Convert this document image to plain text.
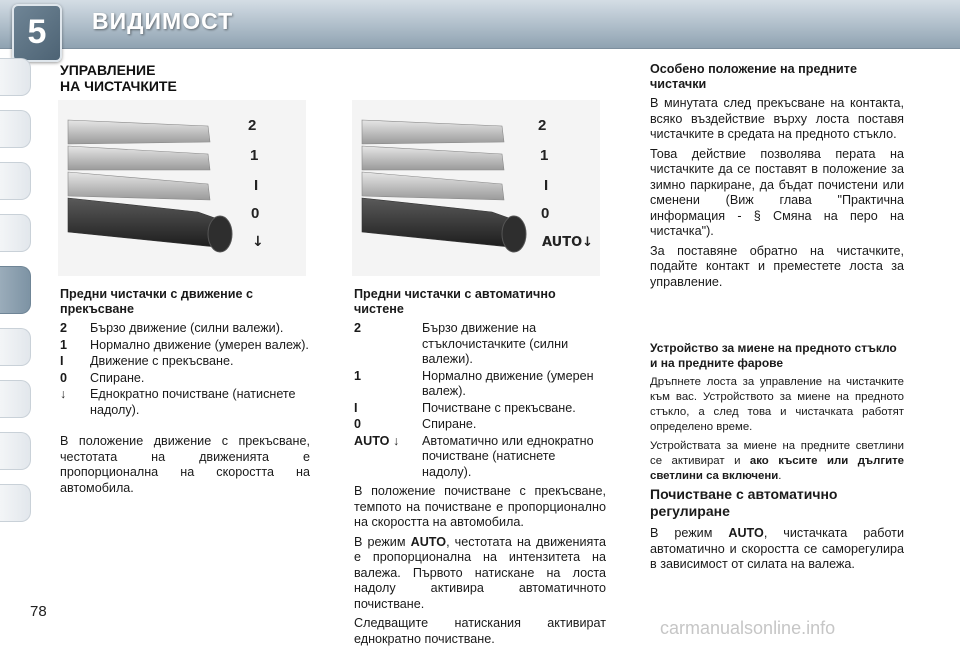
5	ВИДИМОСТ
УПРАВЛЕНИЕ
НА ЧИСТАЧКИТЕ
2
1
I
0
↓
2
1
I
0
AUTO↓
Предни чистачки с движение с прекъсване
2	Бързо движение (силни валежи).
1	Нормално движение (умерен валеж).
I	Движение с прекъсване.
0	Спиране.
↓	Еднократно почистване (натиснете надолу).
В положение движение с прекъсване, честотата на движенията е пропорционална на скоростта на автомобила.
Предни чистачки с автоматично чистене
2	Бързо движение на стъклочистачките (силни валежи).
1	Нормално движение (умерен валеж).
I	Почистване с прекъсване.
0	Спиране.
AUTO ↓	Автоматично или еднократно почистване (натиснете надолу).
В положение почистване с прекъсване, темпото на почистване е пропорционално на скоростта на автомобила.
В режим AUTO, честотата на движенията е пропорционална на интензитета на валежа. Първото натискане на лоста надолу активира автоматичното почистване.
Следващите натискания активират еднократно почистване.
Особено положение на предните чистачки
В минутата след прекъсване на контакта, всяко въздействие върху лоста поставя чистачките в средата на предното стъкло.
Това действие позволява перата на чистачките да се поставят в положение за зимно паркиране, да бъдат почистени или сменени (Виж глава "Практична информация - § Смяна на перо на чистачка").
За поставяне обратно на чистачките, подайте контакт и преместете лоста за управление.
Устройство за миене на предното стъкло и на предните фарове
Дръпнете лоста за управление на чистачките към вас. Устройството за миене на предното стъкло, а след това и чистачката работят определено време.
Устройствата за миене на предните светлини се активират и ако късите или дългите светлини са включени.
Почистване с автоматично регулиране
В режим AUTO, чистачката работи автоматично и скоростта се саморегулира в зависимост от силата на валежа.
78
carmanualsonline.info
